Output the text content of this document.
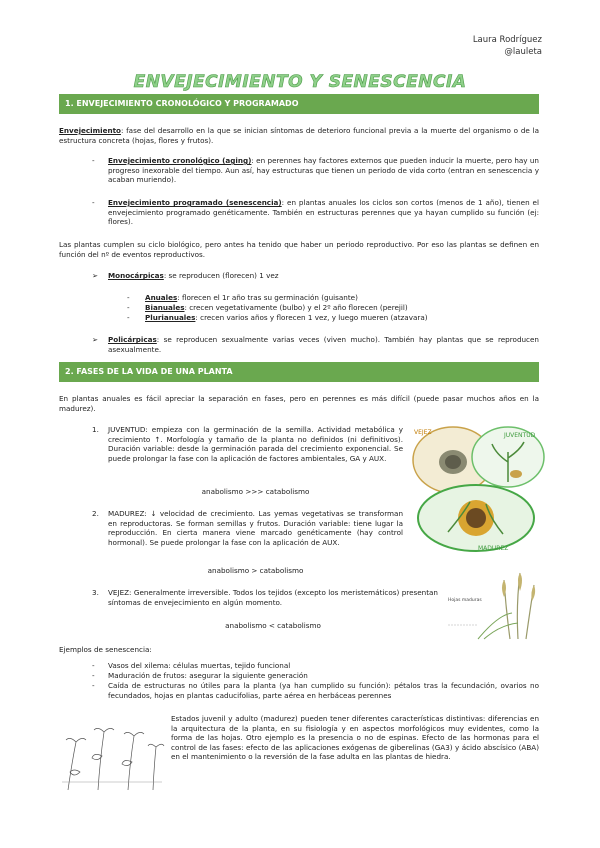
Laura Rodríguez
@lauleta
ENVEJECIMIENTO Y SENESCENCIA
1. ENVEJECIMIENTO CRONOLÓGICO Y PROGRAMADO
Envejecimiento: fase del desarrollo en la que se inician síntomas de deterioro funcional previa a la muerte del organismo o de la estructura concreta (hojas, flores y frutos).
- Envejecimiento cronológico (aging): en perennes hay factores externos que pueden inducir la muerte, pero hay un progreso inexorable del tiempo. Aun así, hay estructuras que tienen un periodo de vida corto (entran en senescencia y acaban muriendo).
- Envejecimiento programado (senescencia): en plantas anuales los ciclos son cortos (menos de 1 año), tienen el envejecimiento programado genéticamente. También en estructuras perennes que ya hayan cumplido su función (ej: flores).
Las plantas cumplen su ciclo biológico, pero antes ha tenido que haber un periodo reproductivo. Por eso las plantas se definen en función del nº de eventos reproductivos.
➢ Monocárpicas: se reproducen (florecen) 1 vez
- Anuales: florecen el 1r año tras su germinación (guisante)
- Bianuales: crecen vegetativamente (bulbo) y el 2º año florecen (perejil)
- Plurianuales: crecen varios años y florecen 1 vez, y luego mueren (atzavara)
➢ Policárpicas: se reproducen sexualmente varias veces (viven mucho). También hay plantas que se reproducen asexualmente.
2. FASES DE LA VIDA DE UNA PLANTA
En plantas anuales es fácil apreciar la separación en fases, pero en perennes es más difícil (puede pasar muchos años en la madurez).
1. JUVENTUD: empieza con la germinación de la semilla. Actividad metabólica y crecimiento ↑. Morfología y tamaño de la planta no definidos (ni definitivos). Duración variable: desde la germinación parada del crecimiento exponencial. Se puede prolongar la fase con la aplicación de factores ambientales, GA y AUX.
anabolismo >>> catabolismo
2. MADUREZ: ↓ velocidad de crecimiento. Las yemas vegetativas se transforman en reproductoras. Se forman semillas y frutos. Duración variable: tiene lugar la reproducción. En cierta manera viene marcado genéticamente (hay control hormonal). Se puede prolongar la fase con la aplicación de AUX.
anabolismo > catabolismo
3. VEJEZ: Generalmente irreversible. Todos los tejidos (excepto los meristemáticos) presentan síntomas de envejecimiento en algún momento.
anabolismo < catabolismo
VEJEZ	JUVENTUD
MADUREZ
Hojas maduras
Ejemplos de senescencia:
- Vasos del xilema: células muertas, tejido funcional
- Maduración de frutos: asegurar la siguiente generación
- Caída de estructuras no útiles para la planta (ya han cumplido su función): pétalos tras la fecundación, ovarios no fecundados, hojas en plantas caducifolias, parte aérea en herbáceas perennes
Estados juvenil y adulto (madurez) pueden tener diferentes características distintivas: diferencias en la arquitectura de la planta, en su fisiología y en aspectos morfológicos muy evidentes, como la forma de las hojas. Otro ejemplo es la presencia o no de espinas. Efecto de las hormonas para el control de las fases: efecto de las aplicaciones exógenas de giberelinas (GA3) y ácido abscísico (ABA) en el mantenimiento o la reversión de la fase adulta en las plantas de hiedra.
